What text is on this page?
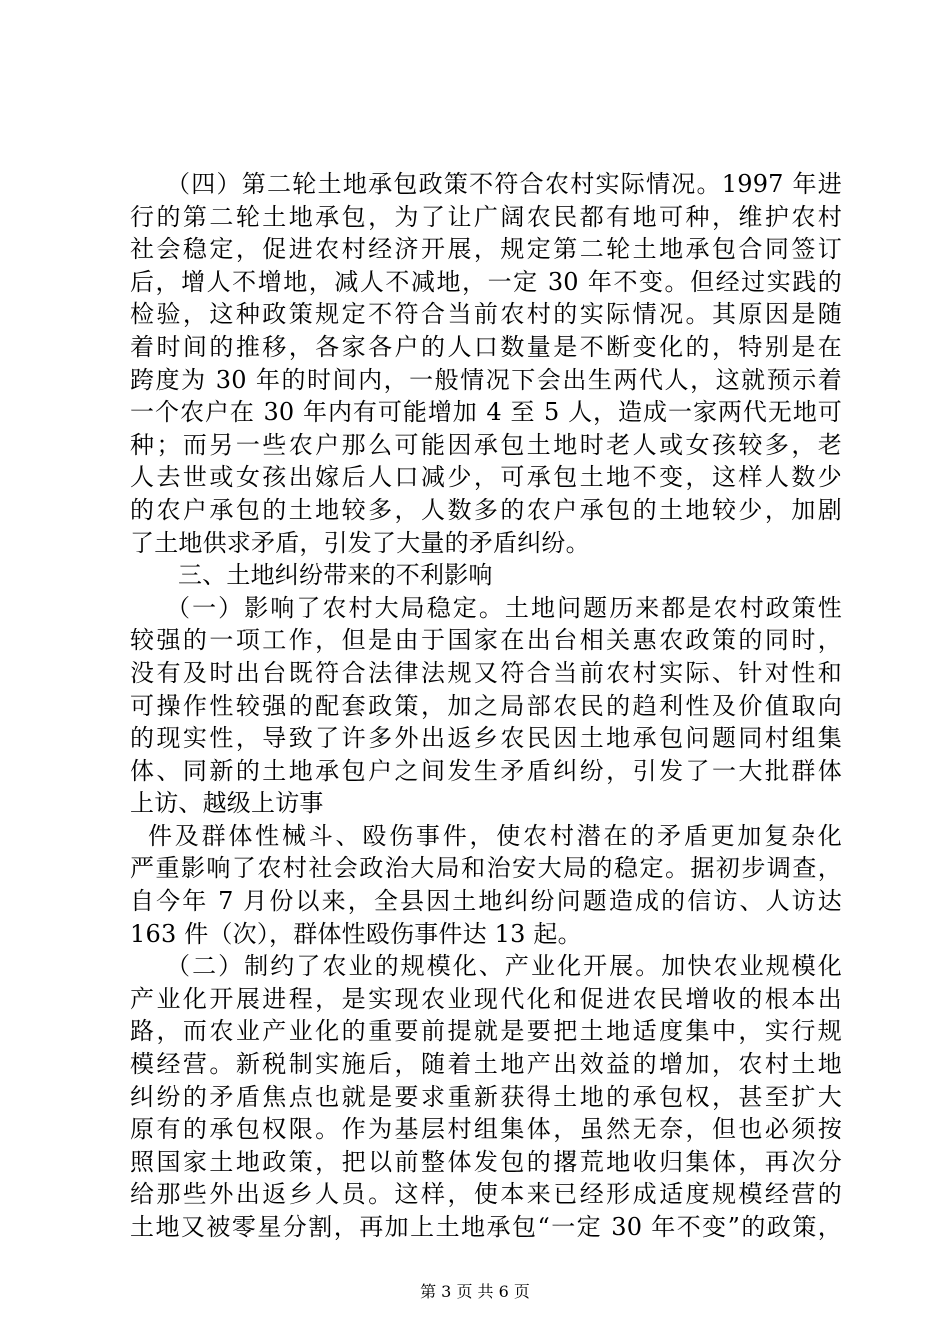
（四）第二轮土地承包政策不符合农村实际情况。1997 年进
行的第二轮土地承包，为了让广阔农民都有地可种，维护农村
社会稳定，促进农村经济开展，规定第二轮土地承包合同签订
后，增人不增地，减人不减地，一定 30 年不变。但经过实践的
检验，这种政策规定不符合当前农村的实际情况。其原因是随
着时间的推移，各家各户的人口数量是不断变化的，特别是在
跨度为 30 年的时间内，一般情况下会出生两代人，这就预示着
一个农户在 30 年内有可能增加 4 至 5 人，造成一家两代无地可
种；而另一些农户那么可能因承包土地时老人或女孩较多，老
人去世或女孩出嫁后人口减少，可承包土地不变，这样人数少
的农户承包的土地较多，人数多的农户承包的土地较少，加剧
了土地供求矛盾，引发了大量的矛盾纠纷。
三、土地纠纷带来的不利影响
（一）影响了农村大局稳定。土地问题历来都是农村政策性
较强的一项工作，但是由于国家在出台相关惠农政策的同时，
没有及时出台既符合法律法规又符合当前农村实际、针对性和
可操作性较强的配套政策，加之局部农民的趋利性及价值取向
的现实性，导致了许多外出返乡农民因土地承包问题同村组集
体、同新的土地承包户之间发生矛盾纠纷，引发了一大批群体
上访、越级上访事
件及群体性械斗、殴伤事件，使农村潜在的矛盾更加复杂化
严重影响了农村社会政治大局和治安大局的稳定。据初步调查，
自今年 7 月份以来，全县因土地纠纷问题造成的信访、人访达
163 件（次），群体性殴伤事件达 13 起。
（二）制约了农业的规模化、产业化开展。加快农业规模化
产业化开展进程，是实现农业现代化和促进农民增收的根本出
路，而农业产业化的重要前提就是要把土地适度集中，实行规
模经营。新税制实施后，随着土地产出效益的增加，农村土地
纠纷的矛盾焦点也就是要求重新获得土地的承包权，甚至扩大
原有的承包权限。作为基层村组集体，虽然无奈，但也必须按
照国家土地政策，把以前整体发包的撂荒地收归集体，再次分
给那些外出返乡人员。这样，使本来已经形成适度规模经营的
土地又被零星分割，再加上土地承包“一定 30 年不变”的政策，
第 3 页 共 6 页
